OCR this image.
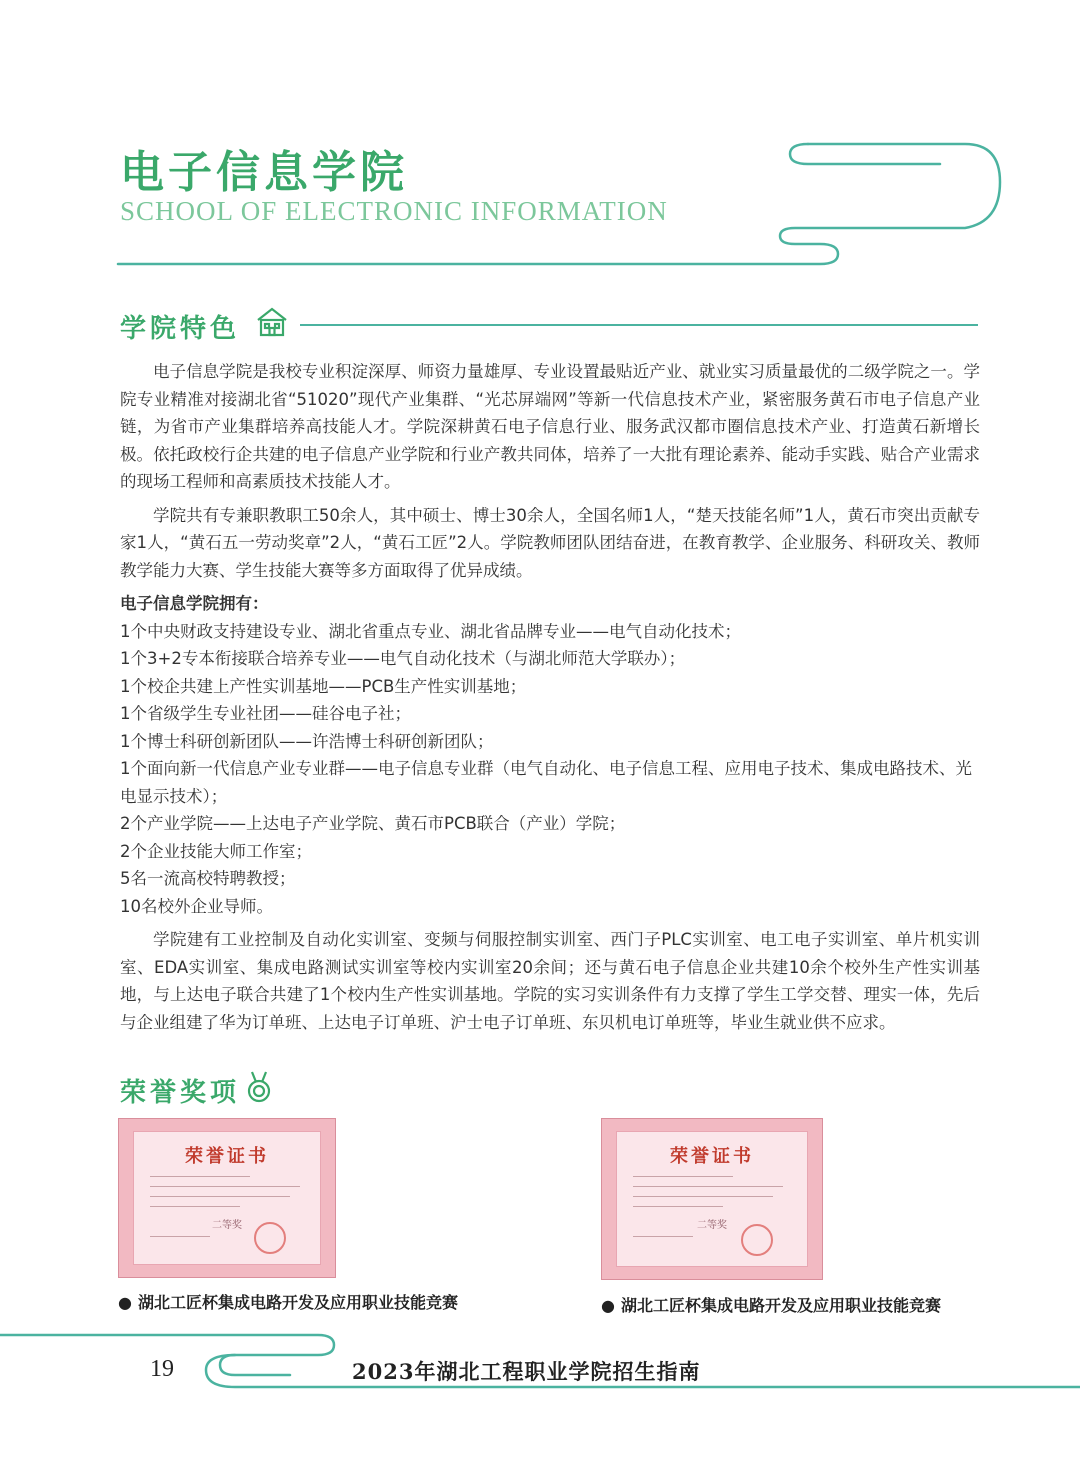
电子信息学院
SCHOOL OF ELECTRONIC INFORMATION
学院特色

电子信息学院是我校专业积淀深厚、师资力量雄厚、专业设置最贴近产业、就业实习质量最优的二级学院之一。学院专业精准对接湖北省“51020”现代产业集群、“光芯屏端网”等新一代信息技术产业，紧密服务黄石市电子信息产业链，为省市产业集群培养高技能人才。学院深耕黄石电子信息行业、服务武汉都市圈信息技术产业、打造黄石新增长极。依托政校行企共建的电子信息产业学院和行业产教共同体，培养了一大批有理论素养、能动手实践、贴合产业需求的现场工程师和高素质技术技能人才。

学院共有专兼职教职工50余人，其中硕士、博士30余人，全国名师1人，“楚天技能名师”1人，黄石市突出贡献专家1人，“黄石五一劳动奖章”2人，“黄石工匠”2人。学院教师团队团结奋进，在教育教学、企业服务、科研攻关、教师教学能力大赛、学生技能大赛等多方面取得了优异成绩。

电子信息学院拥有：

1个中央财政支持建设专业、湖北省重点专业、湖北省品牌专业——电气自动化技术；
1个3+2专本衔接联合培养专业——电气自动化技术（与湖北师范大学联办）；
1个校企共建上产性实训基地——PCB生产性实训基地；
1个省级学生专业社团——硅谷电子社；
1个博士科研创新团队——许浩博士科研创新团队；
1个面向新一代信息产业专业群——电子信息专业群（电气自动化、电子信息工程、应用电子技术、集成电路技术、光电显示技术）；
2个产业学院——上达电子产业学院、黄石市PCB联合（产业）学院；
2个企业技能大师工作室；
5名一流高校特聘教授；
10名校外企业导师。

学院建有工业控制及自动化实训室、变频与伺服控制实训室、西门子PLC实训室、电工电子实训室、单片机实训室、EDA实训室、集成电路测试实训室等校内实训室20余间；还与黄石电子信息企业共建10余个校外生产性实训基地，与上达电子联合共建了1个校内生产性实训基地。学院的实习实训条件有力支撑了学生工学交替、理实一体，先后与企业组建了华为订单班、上达电子订单班、沪士电子订单班、东贝机电订单班等，毕业生就业供不应求。

荣誉奖项
荣誉证书
二等奖
● 湖北工匠杯集成电路开发及应用职业技能竞赛
荣誉证书
二等奖
● 湖北工匠杯集成电路开发及应用职业技能竞赛
19	2023年湖北工程职业学院招生指南
